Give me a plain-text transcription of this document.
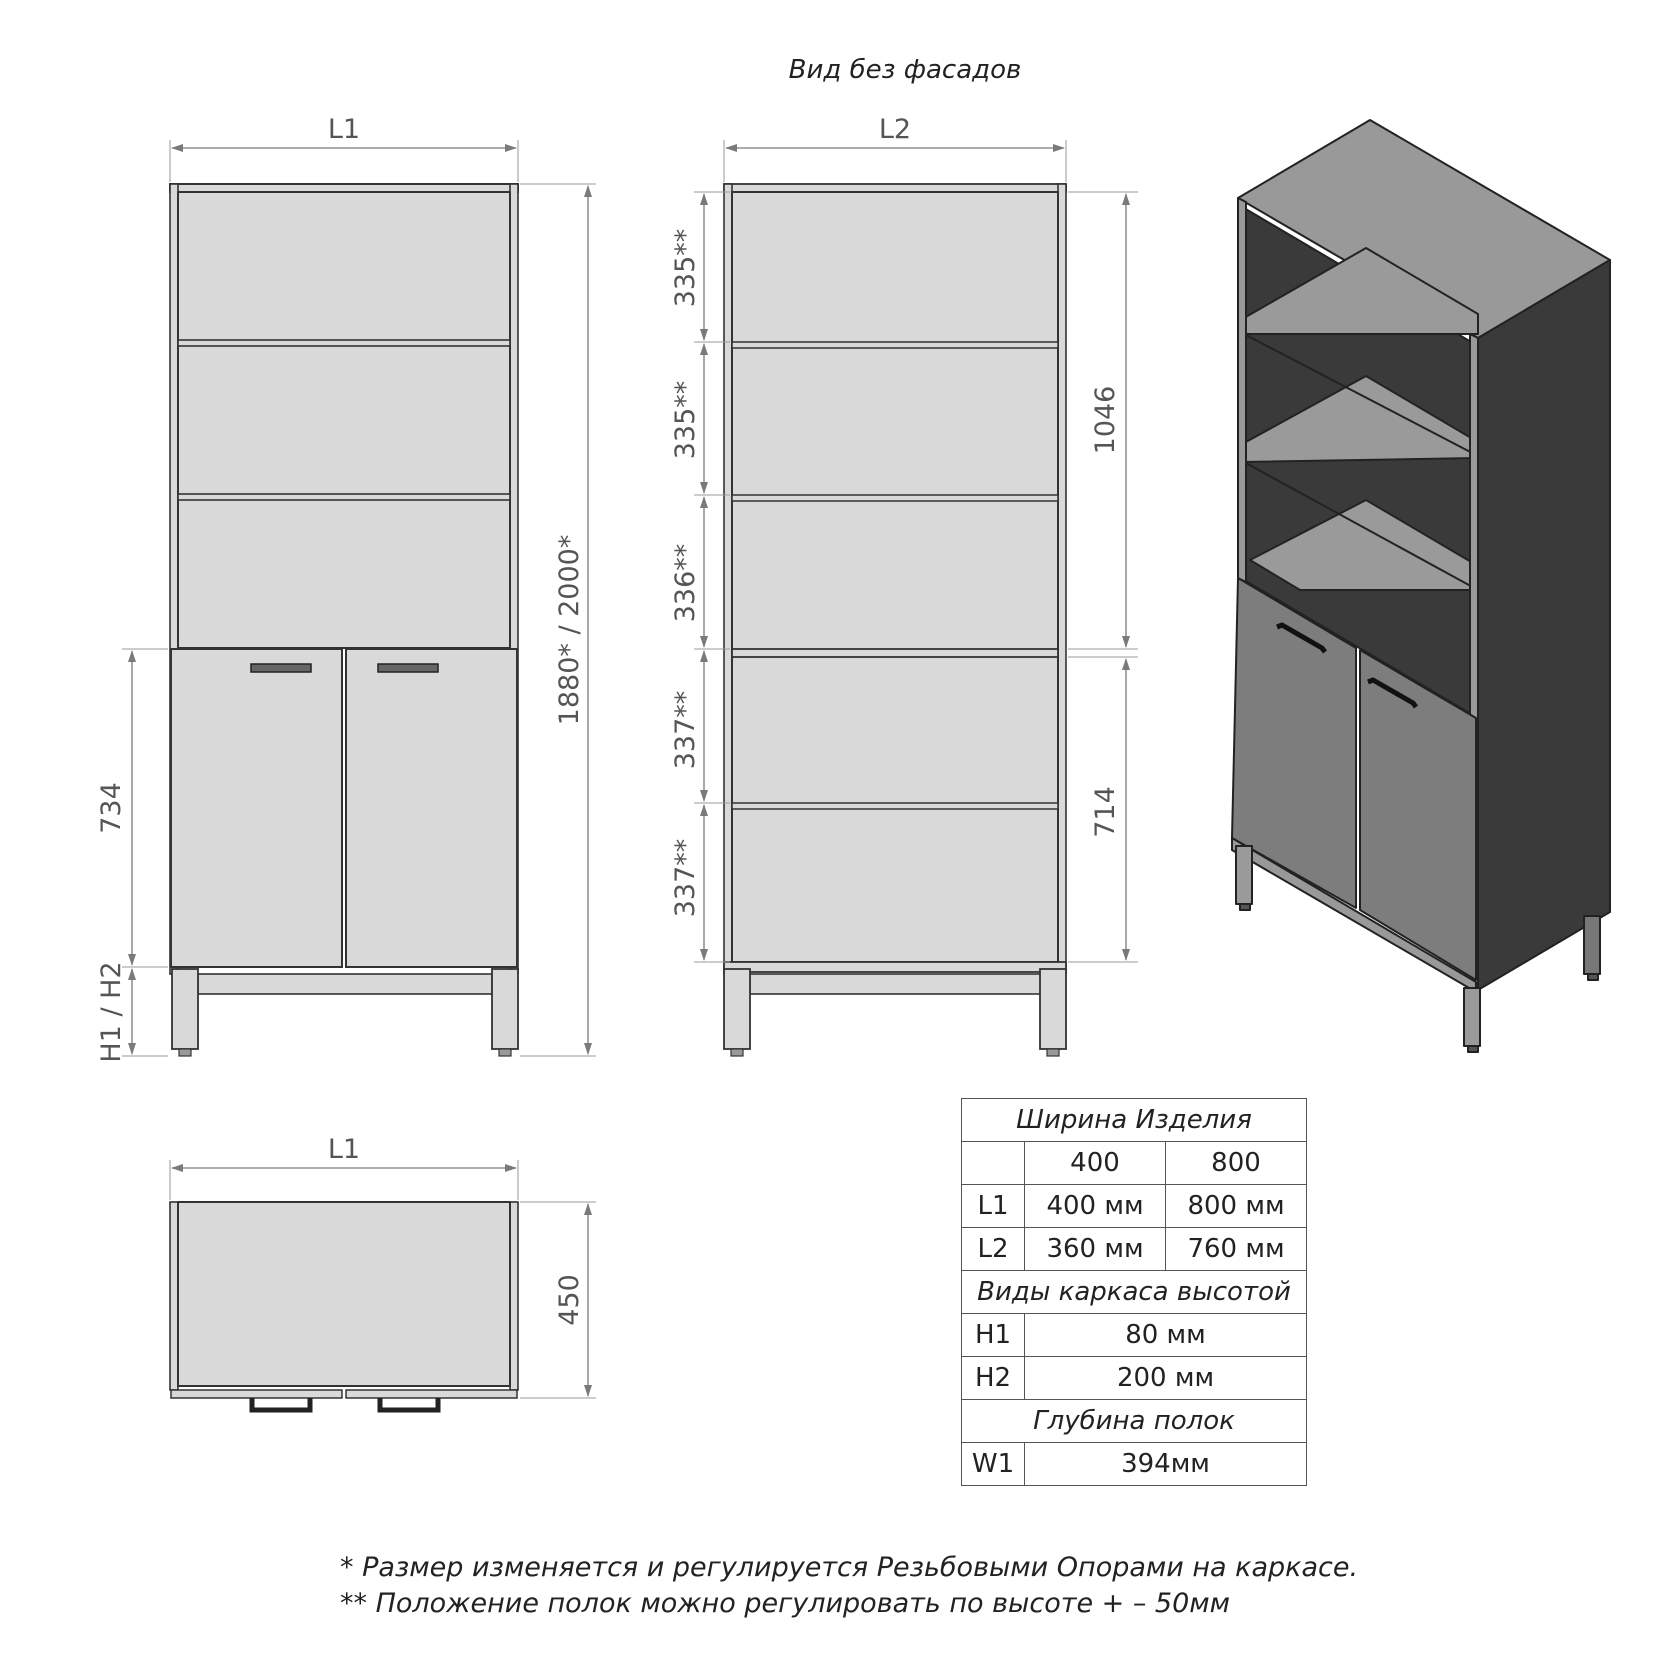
Вид без фасадов
L1
1880* / 2000*
734
H1 / H2
L2
335**
335**
336**
337**
337**
1046
714
L1
450
Ширина Изделия		
	400	800
L1	400 мм	800 мм
L2	360 мм	760 мм
Виды каркаса высотой		
H1	80 мм	
H2	200 мм	
Глубина полок		
W1	394мм	
* Размер изменяется и регулируется Резьбовыми Опорами на каркасе.
** Положение полок можно регулировать по высоте + – 50мм
